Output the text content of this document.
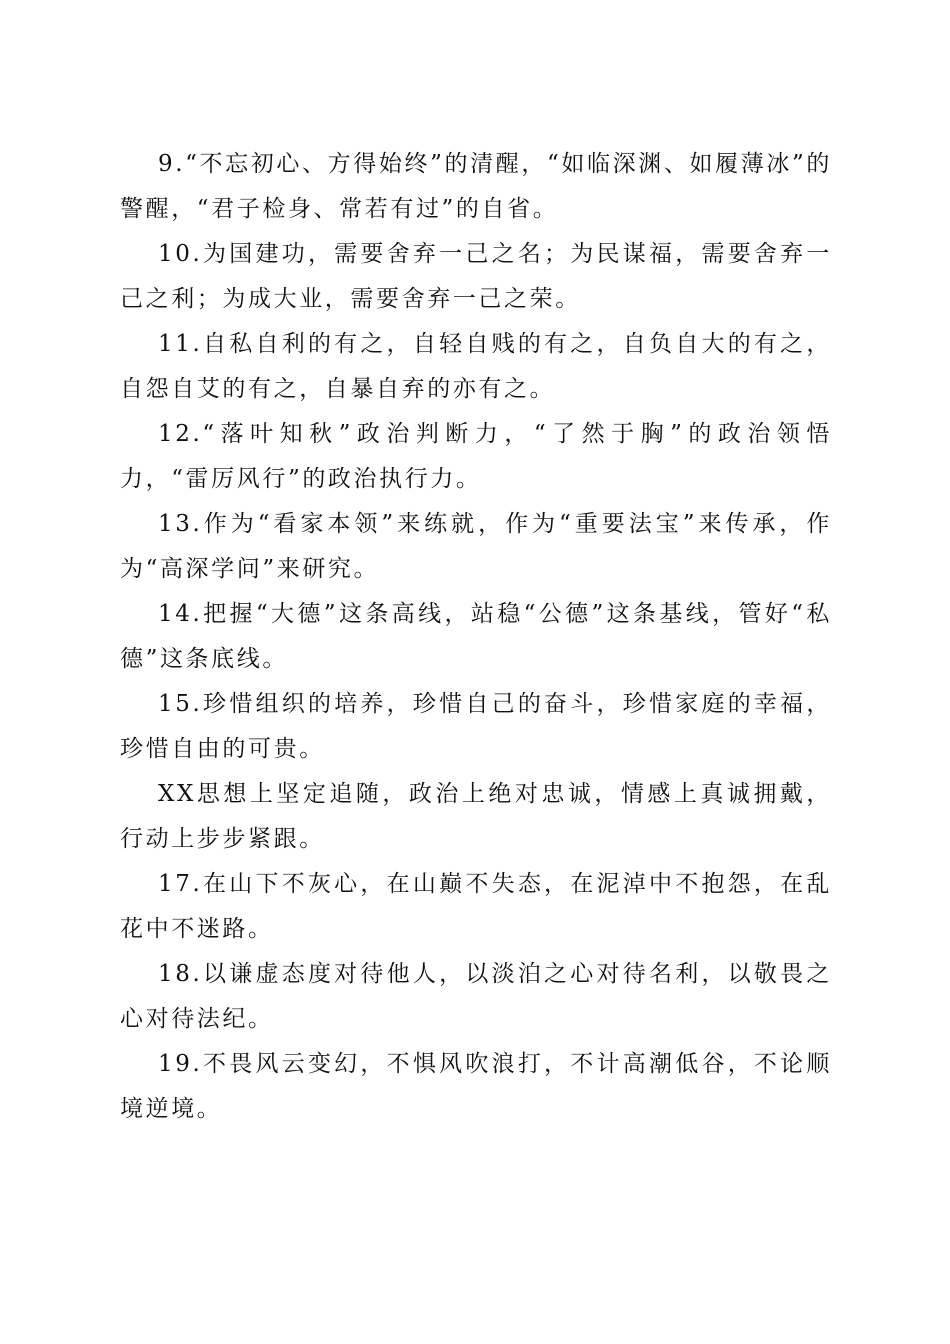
9.“不忘初心、方得始终”的清醒，“如临深渊、如履薄冰”的警醒，“君子检身、常若有过”的自省。

10.为国建功，需要舍弃一己之名；为民谋福，需要舍弃一己之利；为成大业，需要舍弃一己之荣。

11.自私自利的有之，自轻自贱的有之，自负自大的有之，自怨自艾的有之，自暴自弃的亦有之。

12.“落叶知秋”政治判断力，“了然于胸”的政治领悟力，“雷厉风行”的政治执行力。

13.作为“看家本领”来练就，作为“重要法宝”来传承，作为“高深学问”来研究。

14.把握“大德”这条高线，站稳“公德”这条基线，管好“私德”这条底线。

15.珍惜组织的培养，珍惜自己的奋斗，珍惜家庭的幸福，珍惜自由的可贵。

XX思想上坚定追随，政治上绝对忠诚，情感上真诚拥戴，行动上步步紧跟。

17.在山下不灰心，在山巅不失态，在泥淖中不抱怨，在乱花中不迷路。

18.以谦虚态度对待他人，以淡泊之心对待名利，以敬畏之心对待法纪。

19.不畏风云变幻，不惧风吹浪打，不计高潮低谷，不论顺境逆境。
